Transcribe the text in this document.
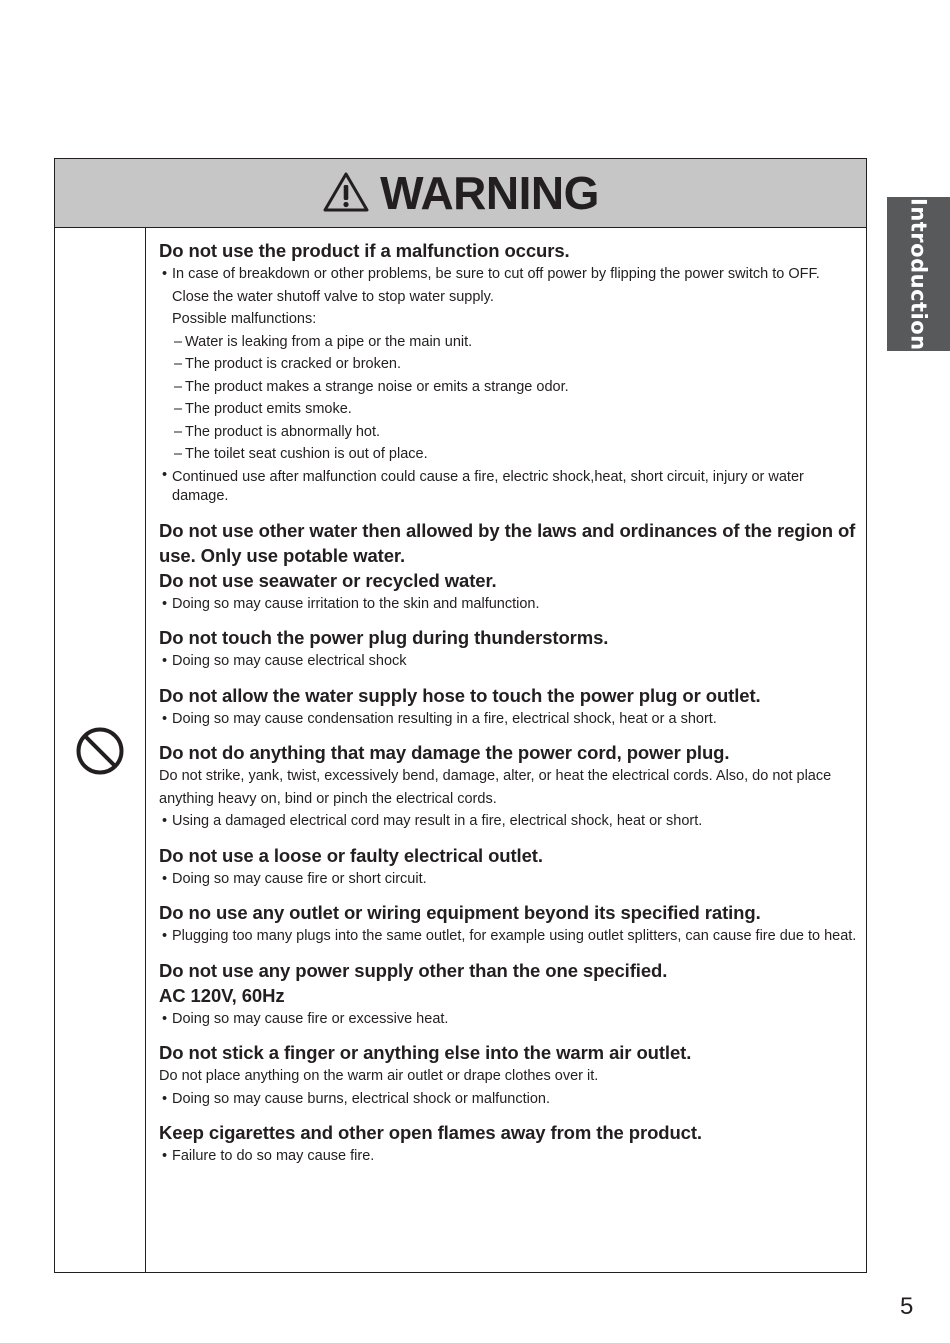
WARNING

Do not use the product if a malfunction occurs.

• In case of breakdown or other problems, be sure to cut off power by flipping the power switch to OFF.

Close the water shutoff valve to stop water supply.

Possible malfunctions:

– Water is leaking from a pipe or the main unit.

– The product is cracked or broken.

– The product makes a strange noise or emits a strange odor.

– The product emits smoke.

– The product is abnormally hot.

– The toilet seat cushion is out of place.

• Continued use after malfunction could cause a fire, electric shock,heat, short circuit, injury or water damage.

Do not use other water then allowed by the laws and ordinances of the region of use. Only use potable water.

Do not use seawater or recycled water.

• Doing so may cause irritation to the skin and malfunction.

Do not touch the power plug during thunderstorms.

• Doing so may cause electrical shock

Do not allow the water supply hose to touch the power plug or outlet.

• Doing so may cause condensation resulting in a fire, electrical shock, heat or a short.

Do not do anything that may damage the power cord, power plug.

Do not strike, yank, twist, excessively bend, damage, alter, or heat the electrical cords. Also, do not place anything heavy on, bind or pinch the electrical cords.

• Using a damaged electrical cord may result in a fire, electrical shock, heat or short.

Do not use a loose or faulty electrical outlet.

• Doing so may cause fire or short circuit.

Do no use any outlet or wiring equipment beyond its specified rating.

• Plugging too many plugs into the same outlet, for example using outlet splitters, can cause fire due to heat.

Do not use any power supply other than the one specified.

AC 120V, 60Hz

• Doing so may cause fire or excessive heat.

Do not stick a finger or anything else into the warm air outlet.

Do not place anything on the warm air outlet or drape clothes over it.

• Doing so may cause burns, electrical shock or malfunction.

Keep cigarettes and other open flames away from the product.

• Failure to do so may cause fire.

Introduction
5
